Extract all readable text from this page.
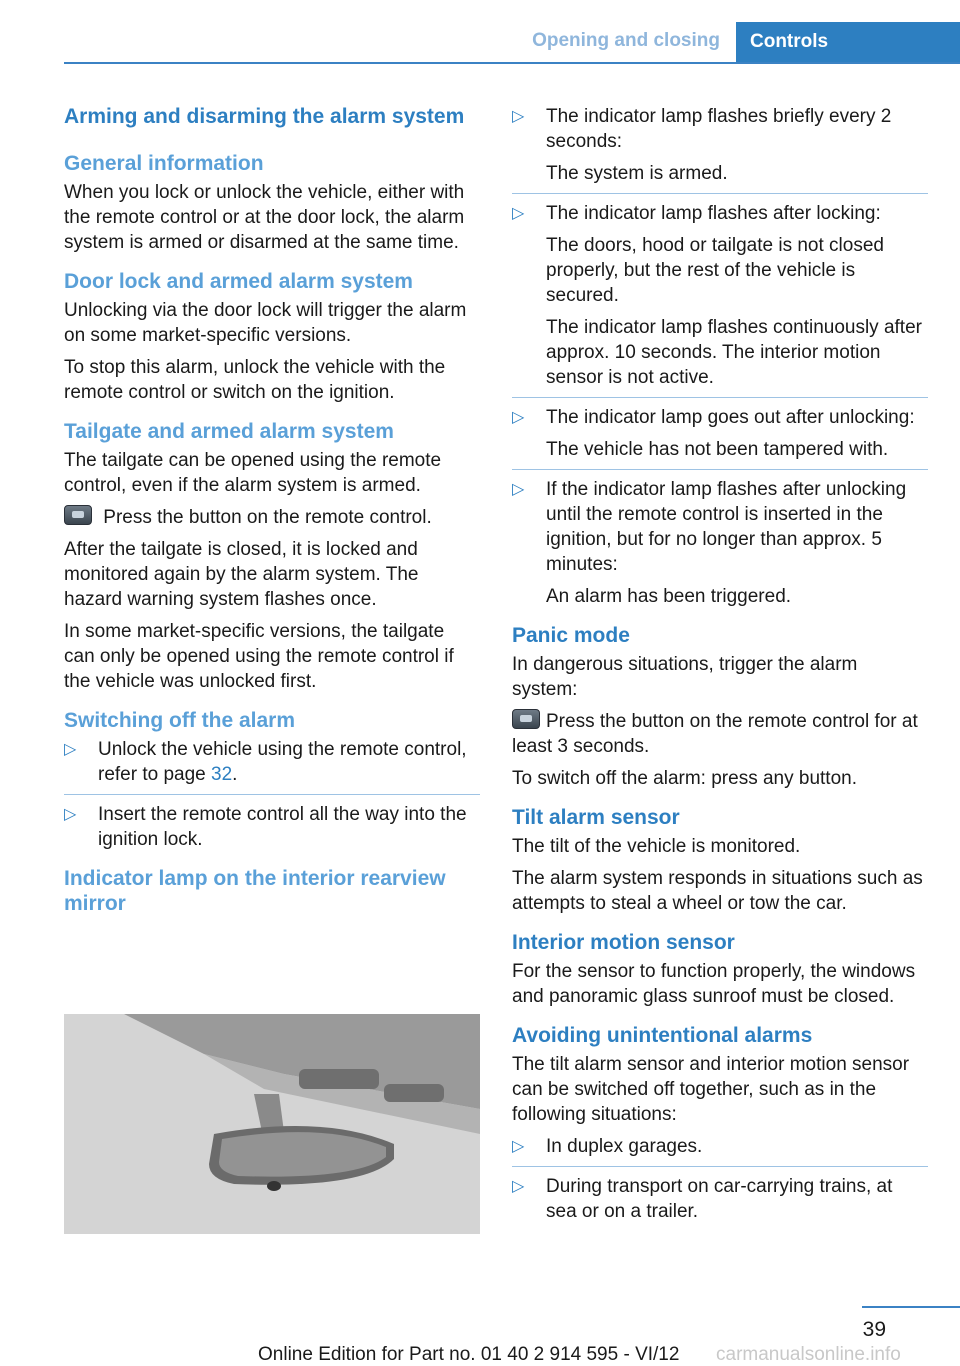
Opening and closing	Controls
Arming and disarming the alarm system
General information

When you lock or unlock the vehicle, either with the remote control or at the door lock, the alarm system is armed or disarmed at the same time.

Door lock and armed alarm system

Unlocking via the door lock will trigger the alarm on some market-specific versions.

To stop this alarm, unlock the vehicle with the remote control or switch on the ignition.

Tailgate and armed alarm system

The tailgate can be opened using the remote control, even if the alarm system is armed.

Press the button on the remote control.

After the tailgate is closed, it is locked and monitored again by the alarm system. The hazard warning system flashes once.

In some market-specific versions, the tailgate can only be opened using the remote control if the vehicle was unlocked first.

Switching off the alarm
▷ Unlock the vehicle using the remote control, refer to page 32.
▷ Insert the remote control all the way into the ignition lock.
Indicator lamp on the interior rearview mirror
▷ The indicator lamp flashes briefly every 2 seconds:

The system is armed.

▷ The indicator lamp flashes after locking:

The doors, hood or tailgate is not closed properly, but the rest of the vehicle is secured.

The indicator lamp flashes continuously after approx. 10 seconds. The interior motion sensor is not active.

▷ The indicator lamp goes out after unlocking:

The vehicle has not been tampered with.

▷ If the indicator lamp flashes after unlocking until the remote control is inserted in the ignition, but for no longer than approx. 5 minutes:

An alarm has been triggered.

Panic mode

In dangerous situations, trigger the alarm system:

Press the button on the remote control for at least 3 seconds.

To switch off the alarm: press any button.

Tilt alarm sensor

The tilt of the vehicle is monitored.

The alarm system responds in situations such as attempts to steal a wheel or tow the car.

Interior motion sensor

For the sensor to function properly, the windows and panoramic glass sunroof must be closed.

Avoiding unintentional alarms

The tilt alarm sensor and interior motion sensor can be switched off together, such as in the following situations:

▷ In duplex garages.
▷ During transport on car-carrying trains, at sea or on a trailer.
39
Online Edition for Part no. 01 40 2 914 595 - VI/12 carmanualsonline.info
